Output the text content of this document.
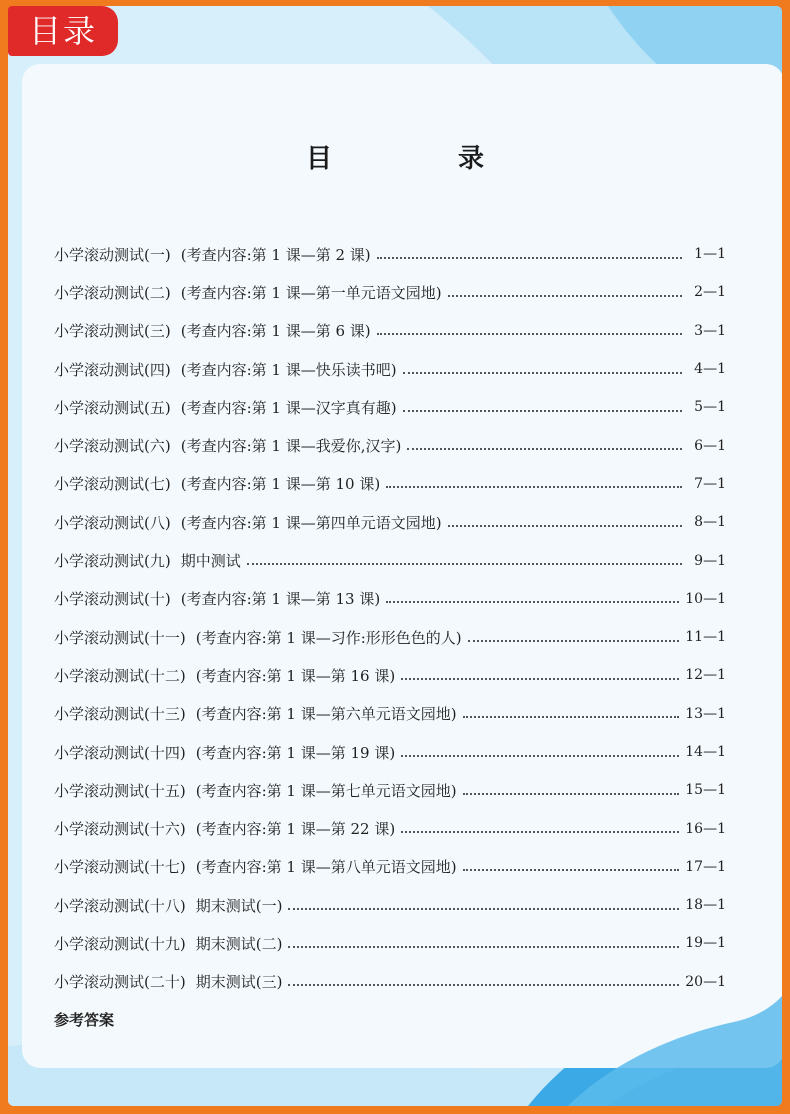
目录
目　录
小学滚动测试(一) (考查内容:第 1 课—第 2 课)	1—1
小学滚动测试(二) (考查内容:第 1 课—第一单元语文园地)	2—1
小学滚动测试(三) (考查内容:第 1 课—第 6 课)	3—1
小学滚动测试(四) (考查内容:第 1 课—快乐读书吧)	4—1
小学滚动测试(五) (考查内容:第 1 课—汉字真有趣)	5—1
小学滚动测试(六) (考查内容:第 1 课—我爱你,汉字)	6—1
小学滚动测试(七) (考查内容:第 1 课—第 10 课)	7—1
小学滚动测试(八) (考查内容:第 1 课—第四单元语文园地)	8—1
小学滚动测试(九) 期中测试	9—1
小学滚动测试(十) (考查内容:第 1 课—第 13 课)	10—1
小学滚动测试(十一) (考查内容:第 1 课—习作:形形色色的人)	11—1
小学滚动测试(十二) (考查内容:第 1 课—第 16 课)	12—1
小学滚动测试(十三) (考查内容:第 1 课—第六单元语文园地)	13—1
小学滚动测试(十四) (考查内容:第 1 课—第 19 课)	14—1
小学滚动测试(十五) (考查内容:第 1 课—第七单元语文园地)	15—1
小学滚动测试(十六) (考查内容:第 1 课—第 22 课)	16—1
小学滚动测试(十七) (考查内容:第 1 课—第八单元语文园地)	17—1
小学滚动测试(十八) 期末测试(一)	18—1
小学滚动测试(十九) 期末测试(二)	19—1
小学滚动测试(二十) 期末测试(三)	20—1
参考答案
